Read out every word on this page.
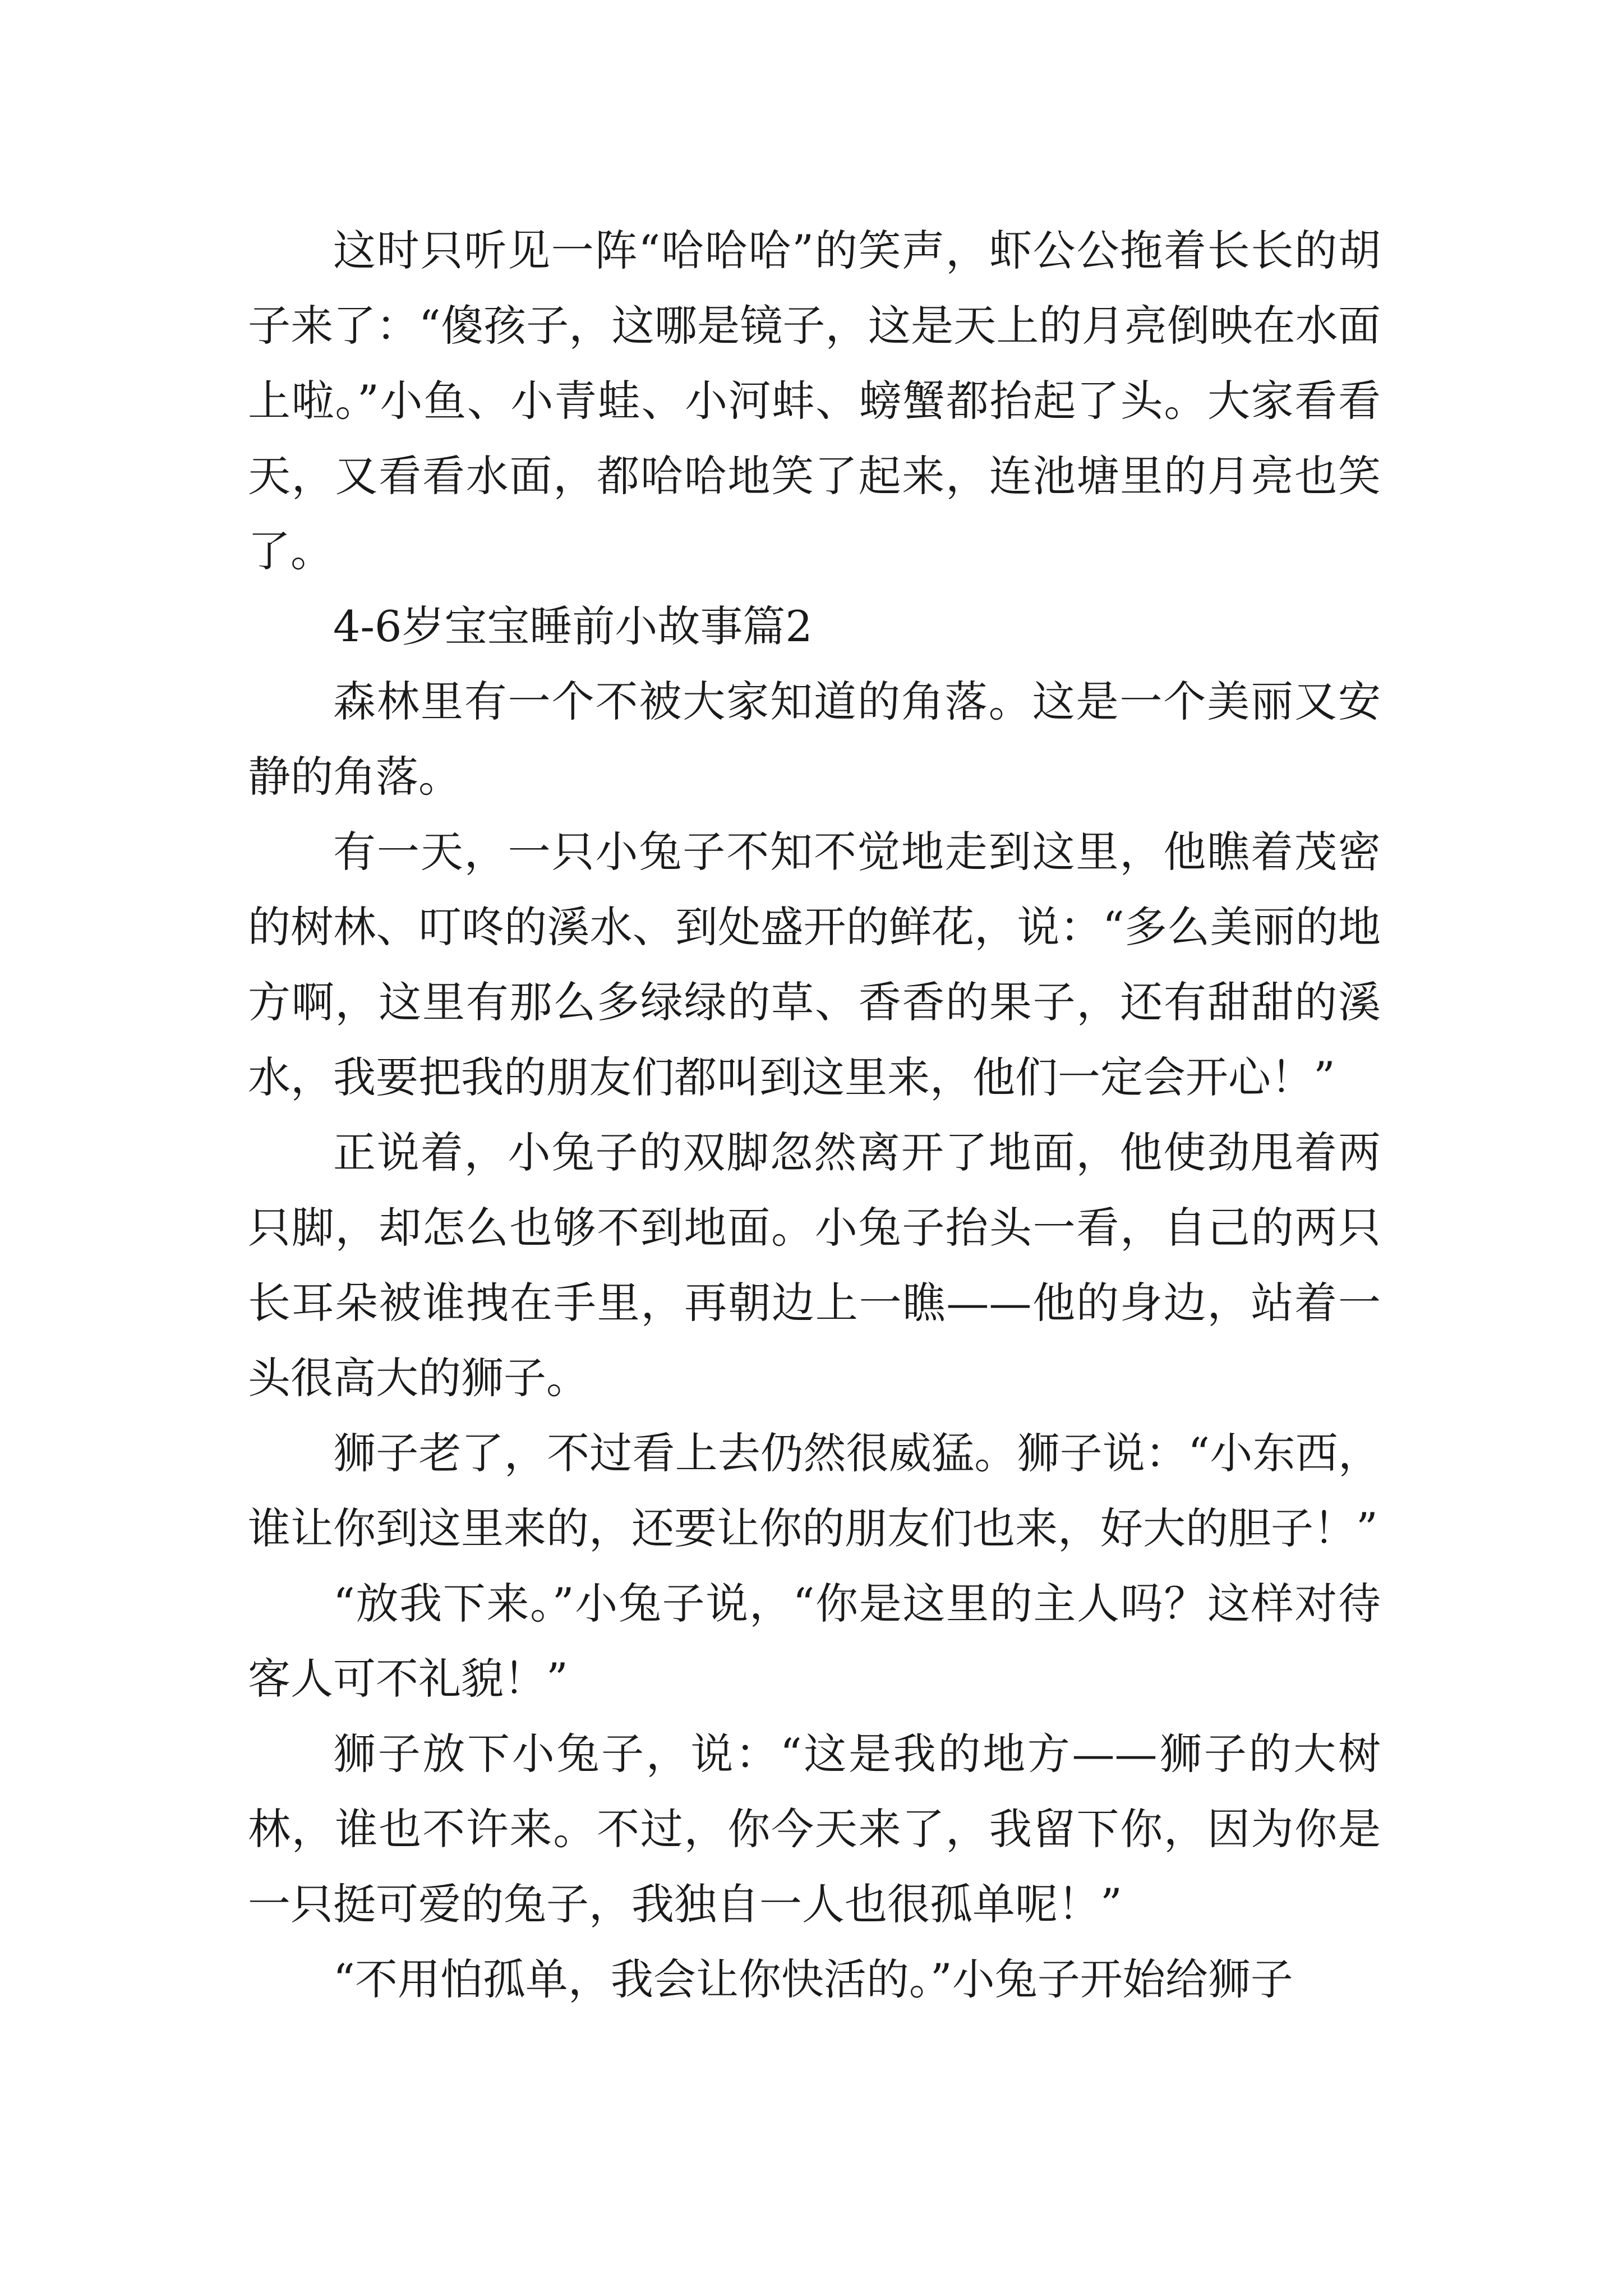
这时只听见一阵“哈哈哈”的笑声，虾公公拖着长长的胡子来了：“傻孩子，这哪是镜子，这是天上的月亮倒映在水面上啦。”小鱼、小青蛙、小河蚌、螃蟹都抬起了头。大家看看天，又看看水面，都哈哈地笑了起来，连池塘里的月亮也笑了。

4-6岁宝宝睡前小故事篇2

森林里有一个不被大家知道的角落。这是一个美丽又安静的角落。

有一天，一只小兔子不知不觉地走到这里，他瞧着茂密的树林、叮咚的溪水、到处盛开的鲜花，说：“多么美丽的地方啊，这里有那么多绿绿的草、香香的果子，还有甜甜的溪水，我要把我的朋友们都叫到这里来，他们一定会开心！”

正说着，小兔子的双脚忽然离开了地面，他使劲甩着两只脚，却怎么也够不到地面。小兔子抬头一看，自己的两只长耳朵被谁拽在手里，再朝边上一瞧——他的身边，站着一头很高大的狮子。

狮子老了，不过看上去仍然很威猛。狮子说：“小东西，谁让你到这里来的，还要让你的朋友们也来，好大的胆子！”

“放我下来。”小兔子说，“你是这里的主人吗？这样对待客人可不礼貌！”

狮子放下小兔子，说：“这是我的地方——狮子的大树林，谁也不许来。不过，你今天来了，我留下你，因为你是一只挺可爱的兔子，我独自一人也很孤单呢！”

“不用怕孤单，我会让你快活的。”小兔子开始给狮子
